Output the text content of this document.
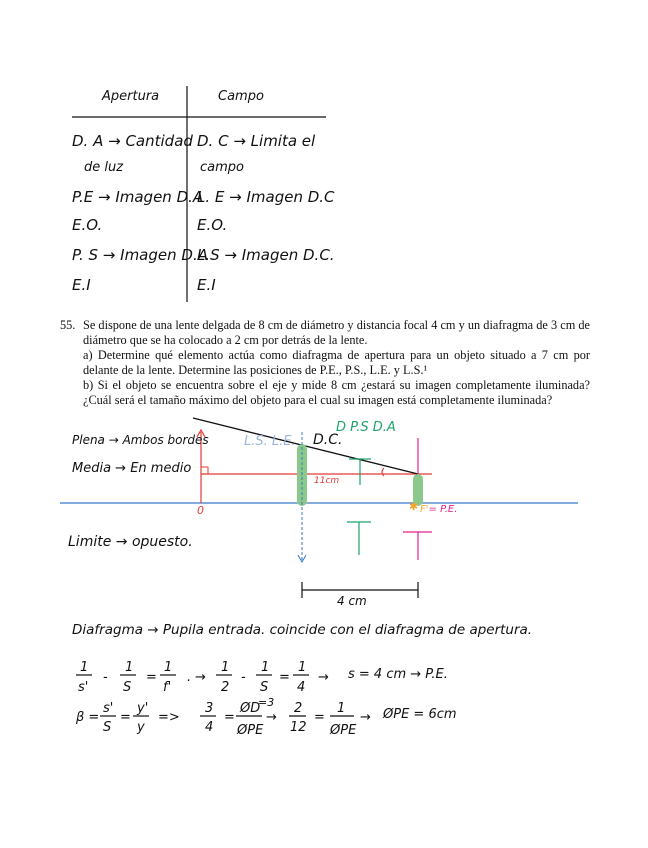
Apertura	Campo
D. A → Cantidad
de luz
P.E → Imagen D.A
E.O.
P. S → Imagen D.A
E.I
D. C → Limita el
campo
L. E → Imagen D.C
E.O.
L.S → Imagen D.C.
E.I
55. Se dispone de una lente delgada de 8 cm de diámetro y distancia focal 4 cm y un diafragma de 3 cm de diámetro que se ha colocado a 2 cm por detrás de la lente.

a) Determine qué elemento actúa como diafragma de apertura para un objeto situado a 7 cm por delante de la lente. Determine las posiciones de P.E., P.S., L.E. y L.S.¹

b) Si el objeto se encuentra sobre el eje y mide 8 cm ¿estará su imagen completamente iluminada? ¿Cuál será el tamaño máximo del objeto para el cual su imagen está completamente iluminada?

✱
Plena → Ambos bordes
Media → En medio
Limite → opuesto.
L.S. L.E. D.C.
D P.S D.A
11cm
0	F'= P.E.
4 cm
Diafragma → Pupila entrada. coincide con el diafragma de apertura.
1
s'
-
1
S
=
1
f'
. →
1
2
-
1
S
=
1
4
→ s = 4 cm → P.E.
β =
s'
S
=
y'
y
=>
3
4
=
ØD
ØPE
=3
→
2
12
=
1
ØPE
→ ØPE = 6cm
